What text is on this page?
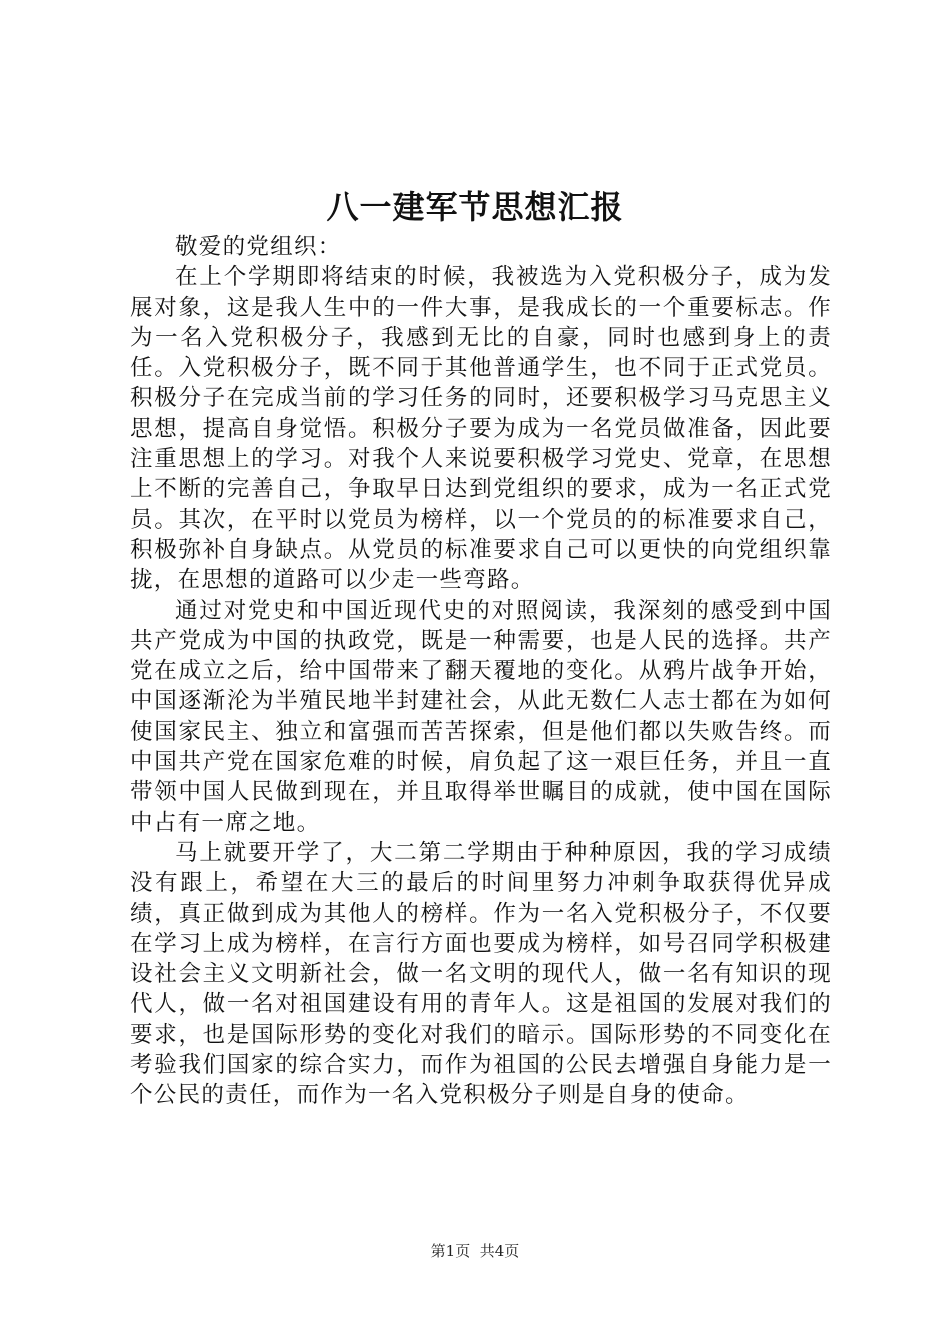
八一建军节思想汇报

敬爱的党组织：

在上个学期即将结束的时候，我被选为入党积极分子，成为发展对象，这是我人生中的一件大事，是我成长的一个重要标志。作为一名入党积极分子，我感到无比的自豪，同时也感到身上的责任。入党积极分子，既不同于其他普通学生，也不同于正式党员。积极分子在完成当前的学习任务的同时，还要积极学习马克思主义思想，提高自身觉悟。积极分子要为成为一名党员做准备，因此要注重思想上的学习。对我个人来说要积极学习党史、党章，在思想上不断的完善自己，争取早日达到党组织的要求，成为一名正式党员。其次，在平时以党员为榜样，以一个党员的的标准要求自己，积极弥补自身缺点。从党员的标准要求自己可以更快的向党组织靠拢，在思想的道路可以少走一些弯路。

通过对党史和中国近现代史的对照阅读，我深刻的感受到中国共产党成为中国的执政党，既是一种需要，也是人民的选择。共产党在成立之后，给中国带来了翻天覆地的变化。从鸦片战争开始，中国逐渐沦为半殖民地半封建社会，从此无数仁人志士都在为如何使国家民主、独立和富强而苦苦探索，但是他们都以失败告终。而中国共产党在国家危难的时候，肩负起了这一艰巨任务，并且一直带领中国人民做到现在，并且取得举世瞩目的成就，使中国在国际中占有一席之地。

马上就要开学了，大二第二学期由于种种原因，我的学习成绩没有跟上，希望在大三的最后的时间里努力冲刺争取获得优异成绩，真正做到成为其他人的榜样。作为一名入党积极分子，不仅要在学习上成为榜样，在言行方面也要成为榜样，如号召同学积极建设社会主义文明新社会，做一名文明的现代人，做一名有知识的现代人，做一名对祖国建设有用的青年人。这是祖国的发展对我们的要求，也是国际形势的变化对我们的暗示。国际形势的不同变化在考验我们国家的综合实力，而作为祖国的公民去增强自身能力是一个公民的责任，而作为一名入党积极分子则是自身的使命。

第1页 共4页
